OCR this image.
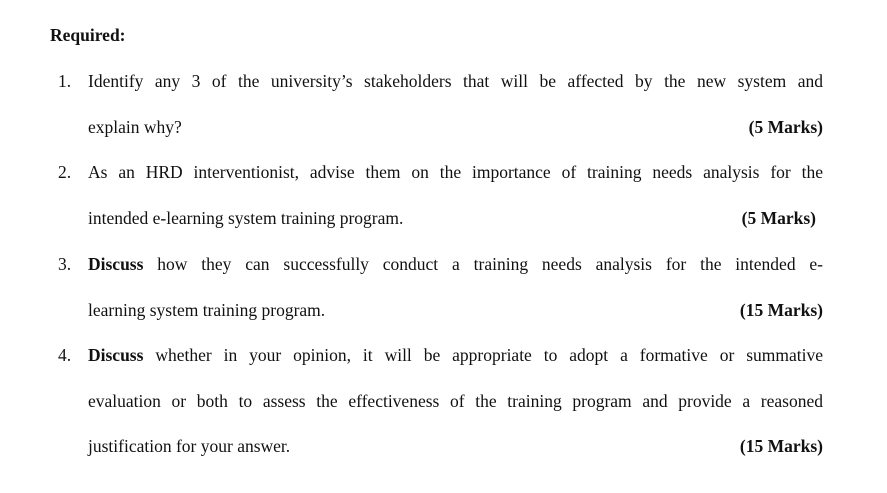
Required:
1. Identify any 3 of the university’s stakeholders that will be affected by the new system and
explain why?	(5 Marks)
2. As an HRD interventionist, advise them on the importance of training needs analysis for the
intended e-learning system training program.	(5 Marks)
3. Discuss how they can successfully conduct a training needs analysis for the intended e-
learning system training program.	(15 Marks)
4. Discuss whether in your opinion, it will be appropriate to adopt a formative or summative
evaluation or both to assess the effectiveness of the training program and provide a reasoned
justification for your answer.	(15 Marks)
